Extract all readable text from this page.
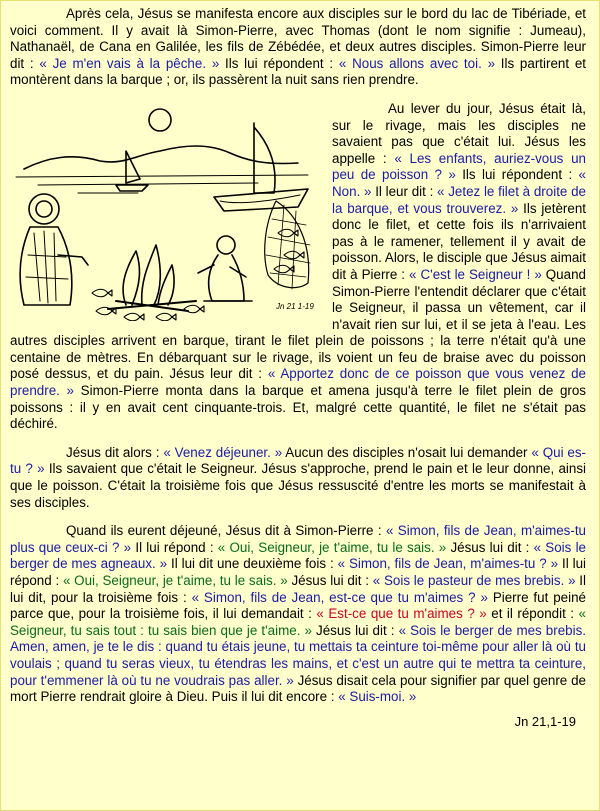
Après cela, Jésus se manifesta encore aux disciples sur le bord du lac de Tibériade, et voici comment. Il y avait là Simon-Pierre, avec Thomas (dont le nom signifie : Jumeau), Nathanaël, de Cana en Galilée, les fils de Zébédée, et deux autres disciples. Simon-Pierre leur dit : « Je m'en vais à la pêche. » Ils lui répondent : « Nous allons avec toi. » Ils partirent et montèrent dans la barque ; or, ils passèrent la nuit sans rien prendre.

Jn 21 1-19
Au lever du jour, Jésus était là, sur le rivage, mais les disciples ne savaient pas que c'était lui. Jésus les appelle : « Les enfants, auriez-vous un peu de poisson ? » Ils lui répondent : « Non. » Il leur dit : « Jetez le filet à droite de la barque, et vous trouverez. » Ils jetèrent donc le filet, et cette fois ils n'arrivaient pas à le ramener, tellement il y avait de poisson. Alors, le disciple que Jésus aimait dit à Pierre : « C'est le Seigneur ! » Quand Simon-Pierre l'entendit déclarer que c'était le Seigneur, il passa un vêtement, car il n'avait rien sur lui, et il se jeta à l'eau. Les autres disciples arrivent en barque, tirant le filet plein de poissons ; la terre n'était qu'à une centaine de mètres. En débarquant sur le rivage, ils voient un feu de braise avec du poisson posé dessus, et du pain. Jésus leur dit : « Apportez donc de ce poisson que vous venez de prendre. » Simon-Pierre monta dans la barque et amena jusqu'à terre le filet plein de gros poissons : il y en avait cent cinquante-trois. Et, malgré cette quantité, le filet ne s'était pas déchiré.

Jésus dit alors : « Venez déjeuner. » Aucun des disciples n'osait lui demander « Qui es-tu ? » Ils savaient que c'était le Seigneur. Jésus s'approche, prend le pain et le leur donne, ainsi que le poisson. C'était la troisième fois que Jésus ressuscité d'entre les morts se manifestait à ses disciples.

Quand ils eurent déjeuné, Jésus dit à Simon-Pierre : « Simon, fils de Jean, m'aimes-tu plus que ceux-ci ? » Il lui répond : « Oui, Seigneur, je t'aime, tu le sais. » Jésus lui dit : « Sois le berger de mes agneaux. » Il lui dit une deuxième fois : « Simon, fils de Jean, m'aimes-tu ? » Il lui répond : « Oui, Seigneur, je t'aime, tu le sais. » Jésus lui dit : « Sois le pasteur de mes brebis. » Il lui dit, pour la troisième fois : « Simon, fils de Jean, est-ce que tu m'aimes ? » Pierre fut peiné parce que, pour la troisième fois, il lui demandait : « Est-ce que tu m'aimes ? » et il répondit : « Seigneur, tu sais tout : tu sais bien que je t'aime. » Jésus lui dit : « Sois le berger de mes brebis. Amen, amen, je te le dis : quand tu étais jeune, tu mettais ta ceinture toi-même pour aller là où tu voulais ; quand tu seras vieux, tu étendras les mains, et c'est un autre qui te mettra ta ceinture, pour t'emmener là où tu ne voudrais pas aller. » Jésus disait cela pour signifier par quel genre de mort Pierre rendrait gloire à Dieu. Puis il lui dit encore : « Suis-moi. »

Jn 21,1-19
